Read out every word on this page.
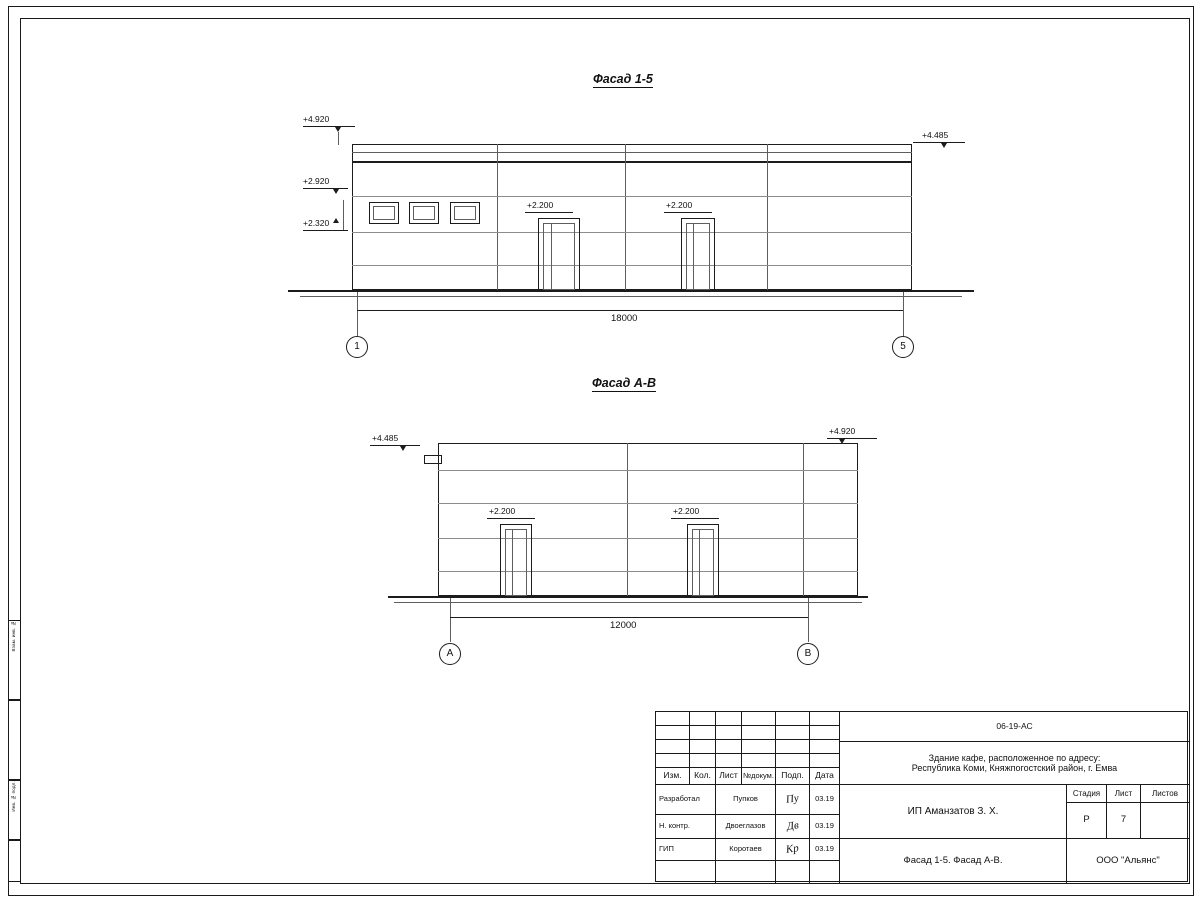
Взам. инв. №
Инв. № подл.
Фасад 1-5
+4.920
+2.920
+2.320
+4.485
+2.200	+2.200
18000
1	5
Фасад А-В
+4.485
+4.920
+2.200	+2.200
12000
А	В
Изм.	Кол. Лист №докум. Подп.	Дата
Разработал	Пупков	Пу	03.19
Н. контр.	Двоеглазов	Дв	03.19
ГИП	Коротаев	Кр	03.19
06-19-АС
Здание кафе, расположенное по адресу:
Республика Коми, Княжпогостский район, г. Емва
ИП Аманзатов З. Х.
Стадия	Лист	Листов
Р	7
Фасад 1-5. Фасад А-В.	ООО "Альянс"
